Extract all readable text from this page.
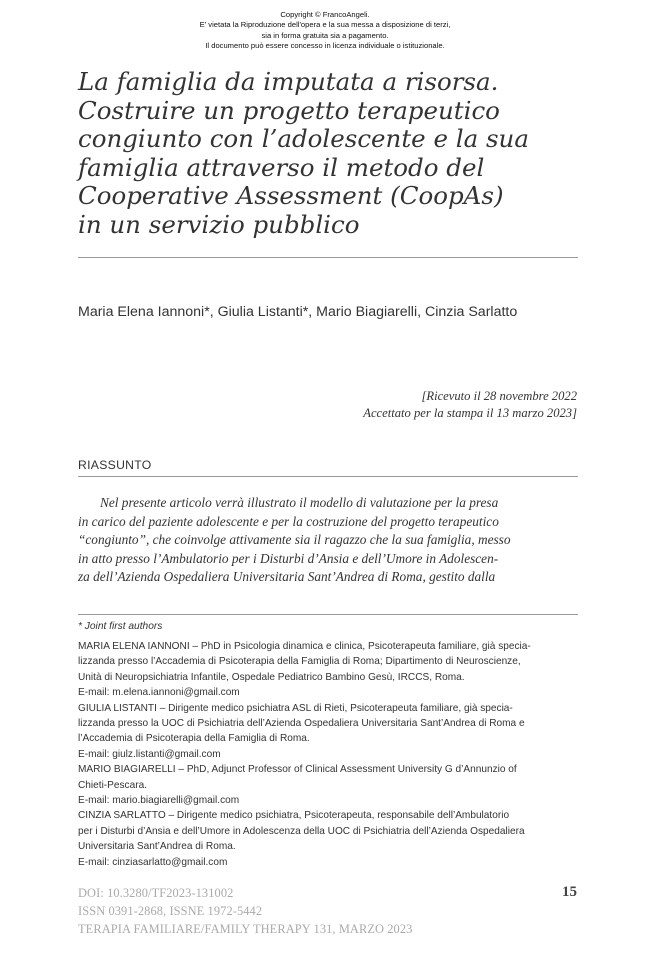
Copyright © FrancoAngeli.
E' vietata la Riproduzione dell'opera e la sua messa a disposizione di terzi,
sia in forma gratuita sia a pagamento.
Il documento può essere concesso in licenza individuale o istituzionale.
La famiglia da imputata a risorsa.
Costruire un progetto terapeutico
congiunto con l’adolescente e la sua
famiglia attraverso il metodo del
Cooperative Assessment (CoopAs)
in un servizio pubblico
Maria Elena Iannoni*, Giulia Listanti*, Mario Biagiarelli, Cinzia Sarlatto
[Ricevuto il 28 novembre 2022
Accettato per la stampa il 13 marzo 2023]
RIASSUNTO
Nel presente articolo verrà illustrato il modello di valutazione per la presa
in carico del paziente adolescente e per la costruzione del progetto terapeutico
“congiunto”, che coinvolge attivamente sia il ragazzo che la sua famiglia, messo
in atto presso l’Ambulatorio per i Disturbi d’Ansia e dell’Umore in Adolescen-
za dell’Azienda Ospedaliera Universitaria Sant’Andrea di Roma, gestito dalla
* Joint first authors
MARIA ELENA IANNONI – PhD in Psicologia dinamica e clinica, Psicoterapeuta familiare, già specia-
lizzanda presso l’Accademia di Psicoterapia della Famiglia di Roma; Dipartimento di Neuroscienze,
Unità di Neuropsichiatria Infantile, Ospedale Pediatrico Bambino Gesù, IRCCS, Roma.
E-mail: m.elena.iannoni@gmail.com
GIULIA LISTANTI – Dirigente medico psichiatra ASL di Rieti, Psicoterapeuta familiare, già specia-
lizzanda presso la UOC di Psichiatria dell’Azienda Ospedaliera Universitaria Sant’Andrea di Roma e
l’Accademia di Psicoterapia della Famiglia di Roma.
E-mail: giulz.listanti@gmail.com
MARIO BIAGIARELLI – PhD, Adjunct Professor of Clinical Assessment University G d’Annunzio of
Chieti-Pescara.
E-mail: mario.biagiarelli@gmail.com
CINZIA SARLATTO – Dirigente medico psichiatra, Psicoterapeuta, responsabile dell’Ambulatorio
per i Disturbi d’Ansia e dell’Umore in Adolescenza della UOC di Psichiatria dell’Azienda Ospedaliera
Universitaria Sant’Andrea di Roma.
E-mail: cinziasarlatto@gmail.com
DOI: 10.3280/TF2023-131002
ISSN 0391-2868, ISSNE 1972-5442
TERAPIA FAMILIARE/FAMILY THERAPY 131, MARZO 2023
15
